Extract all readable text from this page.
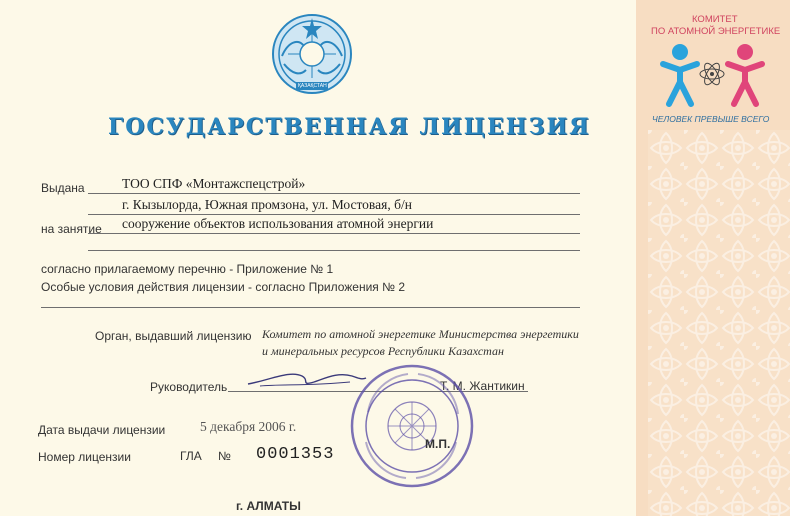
КОМИТЕТ
ПО АТОМНОЙ ЭНЕРГЕТИКЕ
ЧЕЛОВЕК ПРЕВЫШЕ ВСЕГО
ҚАЗАҚСТАН
ГОСУДАРСТВЕННАЯ ЛИЦЕНЗИЯ
Выдана	ТОО СПФ «Монтажспецстрой»
г. Кызылорда, Южная промзона, ул. Мостовая, б/н
на занятие сооружение объектов использования атомной энергии
согласно прилагаемому перечню - Приложение № 1
Особые условия действия лицензии - согласно Приложения № 2
Орган, выдавший лицензию Комитет по атомной энергетике Министерства энергетики
и минеральных ресурсов Республики Казахстан
Руководитель	Т. М. Жантикин
Дата выдачи лицензии	5 декабря 2006 г.
Номер лицензии	ГЛА № 0001353
М.П.
г. АЛМАТЫ
